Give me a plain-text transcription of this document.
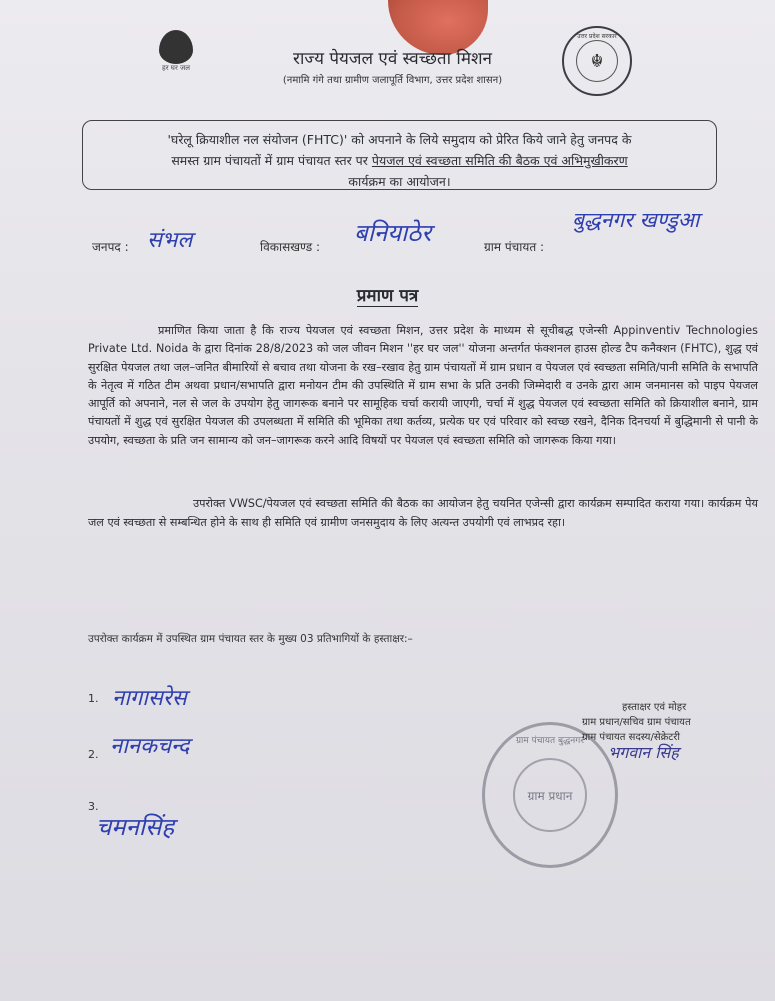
हर घर जल	राज्य पेयजल एवं स्वच्छता मिशन
(नमामि गंगे तथा ग्रामीण जलापूर्ति विभाग, उत्तर प्रदेश शासन)
उत्तर प्रदेश सरकार
☬
'घरेलू क्रियाशील नल संयोजन (FHTC)' को अपनाने के लिये समुदाय को प्रेरित किये जाने हेतु जनपद के
समस्त ग्राम पंचायतों में ग्राम पंचायत स्तर पर पेयजल एवं स्वच्छता समिति की बैठक एवं अभिमुखीकरण
कार्यक्रम का आयोजन।
जनपद : संभल	विकासखण्ड : बनियाठेर	ग्राम पंचायत :
बुद्धनगर खण्डुआ
प्रमाण पत्र

प्रमाणित किया जाता है कि राज्य पेयजल एवं स्वच्छता मिशन, उत्तर प्रदेश के माध्यम से सूचीबद्ध एजेन्सी Appinventiv Technologies Private Ltd. Noida के द्वारा दिनांक 28/8/2023 को जल जीवन मिशन ''हर घर जल'' योजना अन्तर्गत फंक्शनल हाउस होल्ड टैप कनैक्शन (FHTC), शुद्ध एवं सुरक्षित पेयजल तथा जल–जनित बीमारियों से बचाव तथा योजना के रख–रखाव हेतु ग्राम पंचायतों में ग्राम प्रधान व पेयजल एवं स्वच्छता समिति/पानी समिति के सभापति के नेतृत्व में गठित टीम अथवा प्रधान/सभापति द्वारा मनोयन टीम की उपस्थिति में ग्राम सभा के प्रति उनकी जिम्मेदारी व उनके द्वारा आम जनमानस को पाइप पेयजल आपूर्ति को अपनाने, नल से जल के उपयोग हेतु जागरूक बनाने पर सामूहिक चर्चा करायी जाएगी, चर्चा में शुद्ध पेयजल एवं स्वच्छता समिति को क्रियाशील बनाने, ग्राम पंचायतों में शुद्ध एवं सुरक्षित पेयजल की उपलब्धता में समिति की भूमिका तथा कर्तव्य, प्रत्येक घर एवं परिवार को स्वच्छ रखने, दैनिक दिनचर्या में बुद्धिमानी से पानी के उपयोग, स्वच्छता के प्रति जन सामान्य को जन–जागरूक करने आदि विषयों पर पेयजल एवं स्वच्छता समिति को जागरूक किया गया।

उपरोक्त VWSC/पेयजल एवं स्वच्छता समिति की बैठक का आयोजन हेतु चयनित एजेन्सी द्वारा कार्यक्रम सम्पादित कराया गया। कार्यक्रम पेय जल एवं स्वच्छता से सम्बन्धित होने के साथ ही समिति एवं ग्रामीण जनसमुदाय के लिए अत्यन्त उपयोगी एवं लाभप्रद रहा।

उपरोक्त कार्यक्रम में उपस्थित ग्राम पंचायत स्तर के मुख्य 03 प्रतिभागियों के हस्ताक्षर:–
1. नागासरेस
2. नानकचन्द
3.
चमनसिंह
ग्राम पंचायत बुद्धनगर
ग्राम प्रधान
हस्ताक्षर एवं मोहर
ग्राम प्रधान/सचिव ग्राम पंचायत
ग्राम पंचायत सदस्य/सेक्रेटरी
भगवान सिंह
